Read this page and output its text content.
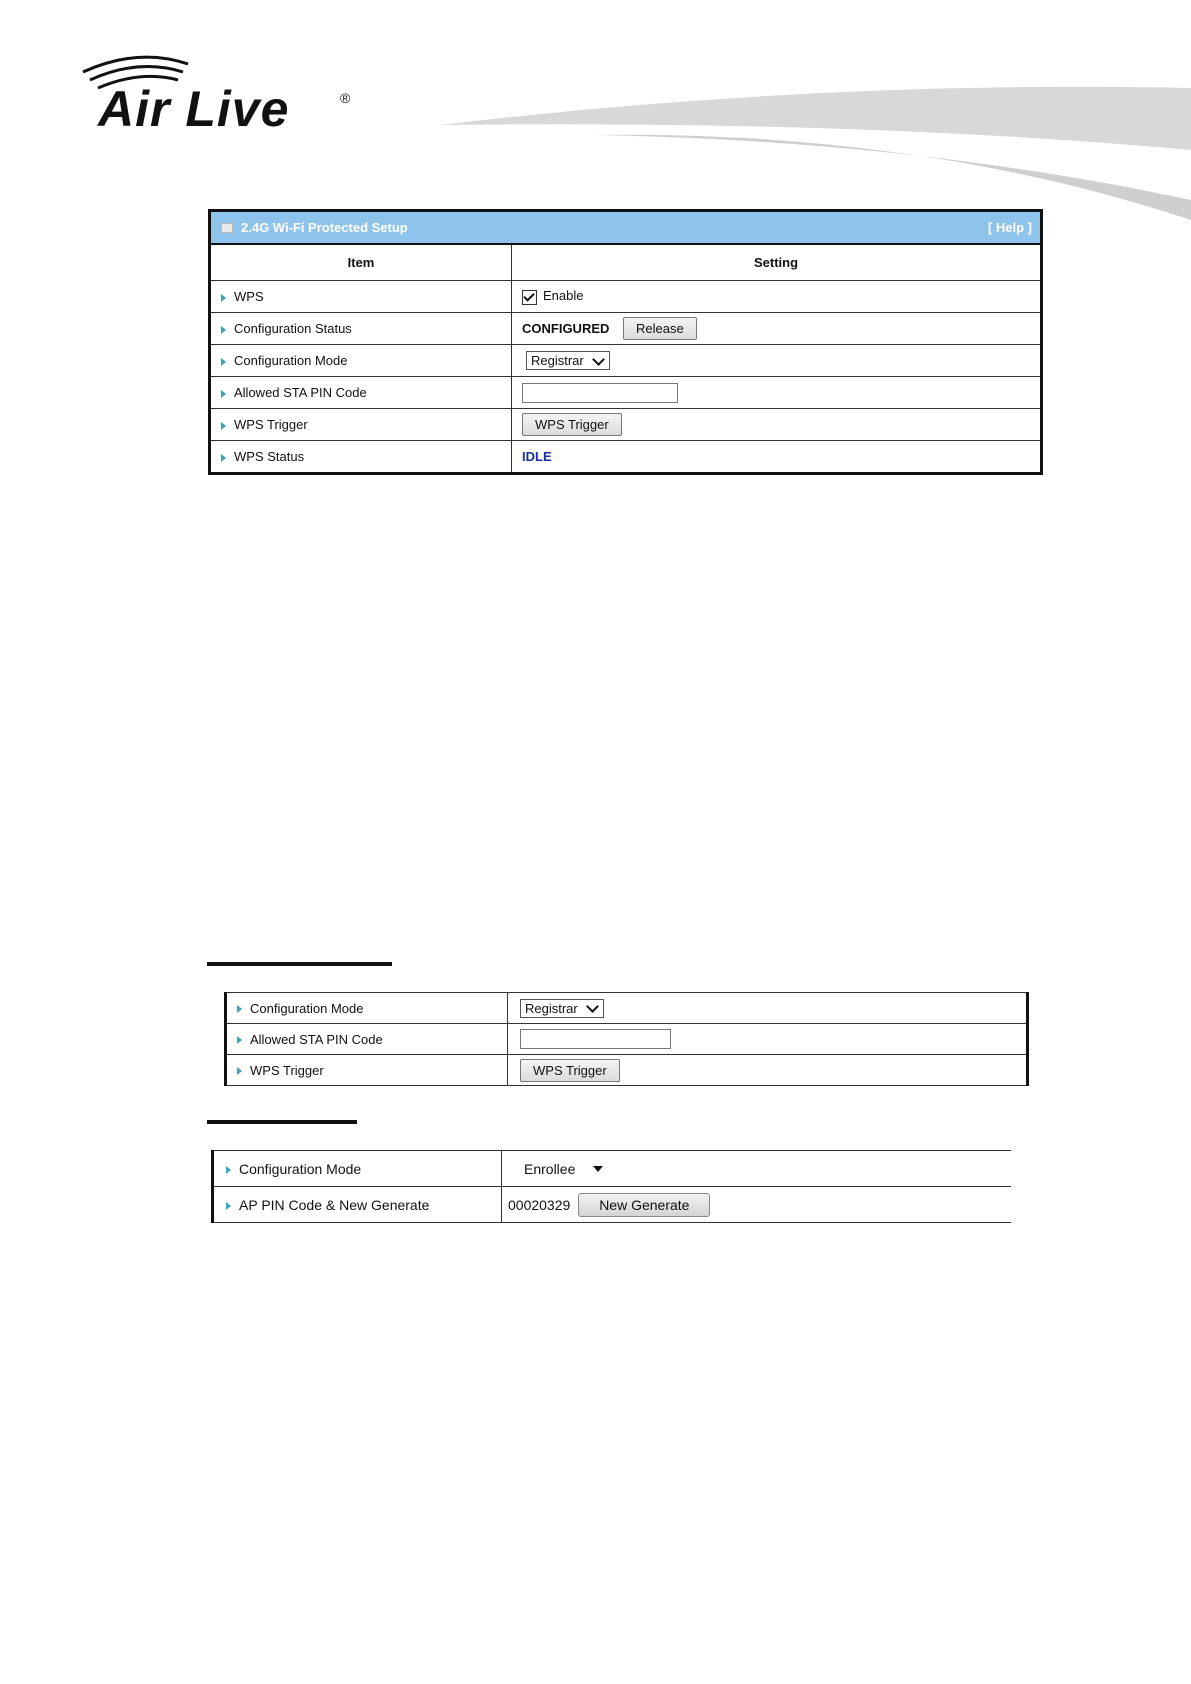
Air Live	®
2.4G Wi-Fi Protected Setup	[ Help ]
Item	Setting
WPS	Enable
Configuration Status	CONFIGURED Release
Configuration Mode	Registrar

Allowed STA PIN Code	
WPS Trigger	WPS Trigger
WPS Status	IDLE
Configuration Mode	Registrar

Allowed STA PIN Code	
WPS Trigger	WPS Trigger
Configuration Mode	Enrollee

AP PIN Code & New Generate	00020329 New Generate
